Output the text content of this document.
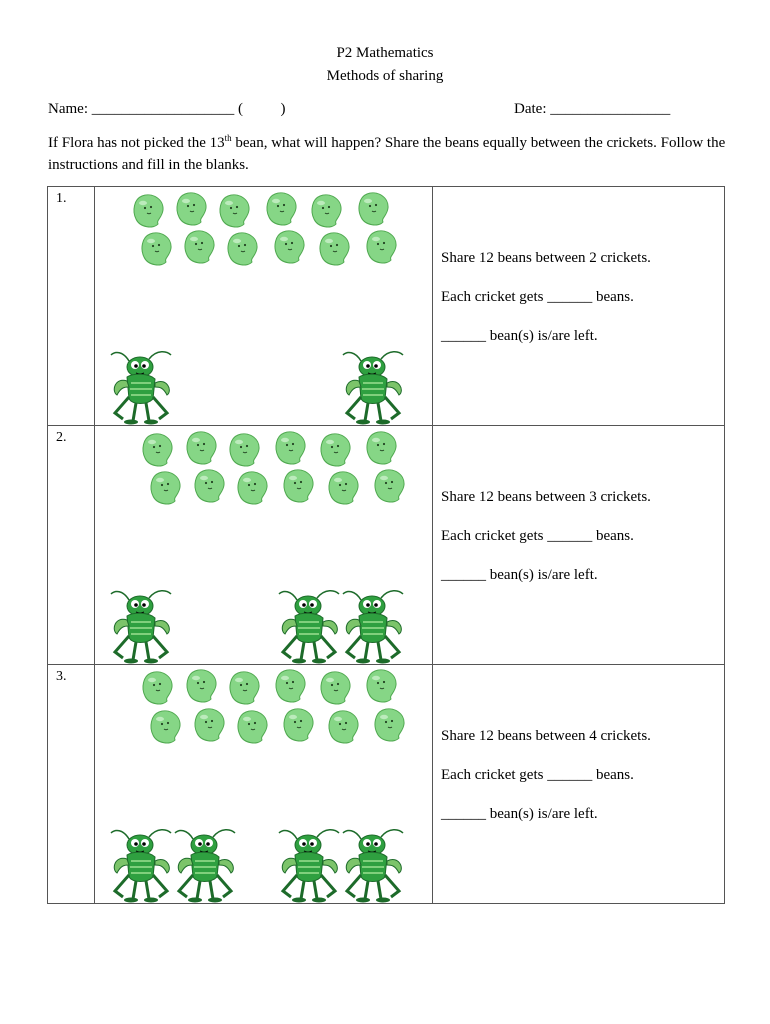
P2 Mathematics
Methods of sharing
Name: ___________________ (          )	Date: ________________
If Flora has not picked the 13th bean, what will happen? Share the beans equally between the crickets. Follow the instructions and fill in the blanks.
1.		Share 12 beans between 2 crickets.

Each cricket gets ______ beans.

______ bean(s) is/are left.

2.		Share 12 beans between 3 crickets.

Each cricket gets ______ beans.

______ bean(s) is/are left.

3.		Share 12 beans between 4 crickets.

Each cricket gets ______ beans.

______ bean(s) is/are left.
